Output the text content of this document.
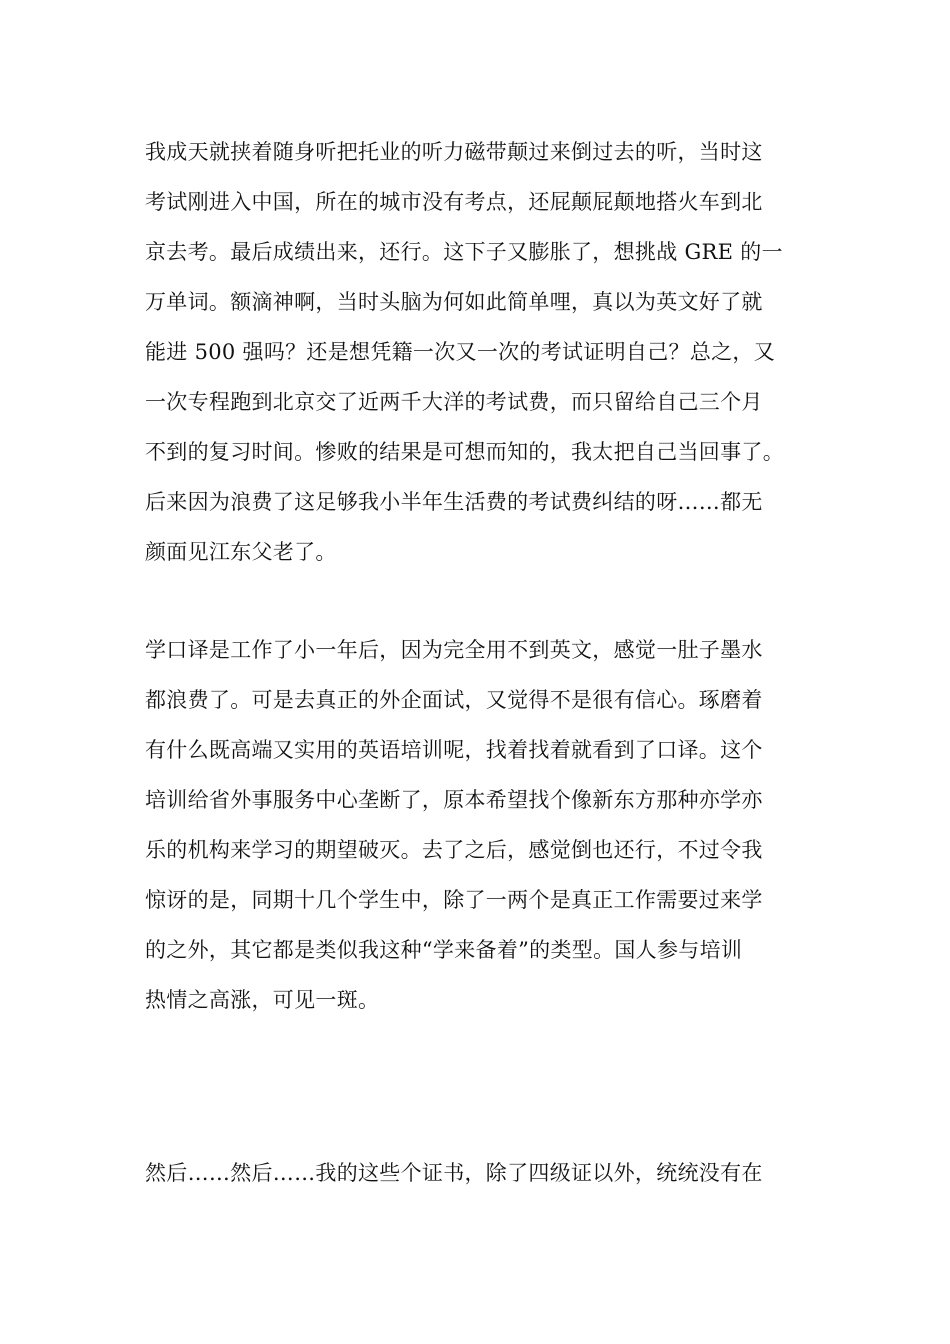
我成天就挟着随身听把托业的听力磁带颠过来倒过去的听，当时这
考试刚进入中国，所在的城市没有考点，还屁颠屁颠地搭火车到北
京去考。最后成绩出来，还行。这下子又膨胀了，想挑战 GRE 的一
万单词。额滴神啊，当时头脑为何如此简单哩，真以为英文好了就
能进 500 强吗？还是想凭籍一次又一次的考试证明自己？总之，又
一次专程跑到北京交了近两千大洋的考试费，而只留给自己三个月
不到的复习时间。惨败的结果是可想而知的，我太把自己当回事了。
后来因为浪费了这足够我小半年生活费的考试费纠结的呀……都无
颜面见江东父老了。
学口译是工作了小一年后，因为完全用不到英文，感觉一肚子墨水
都浪费了。可是去真正的外企面试，又觉得不是很有信心。琢磨着
有什么既高端又实用的英语培训呢，找着找着就看到了口译。这个
培训给省外事服务中心垄断了，原本希望找个像新东方那种亦学亦
乐的机构来学习的期望破灭。去了之后，感觉倒也还行，不过令我
惊讶的是，同期十几个学生中，除了一两个是真正工作需要过来学
的之外，其它都是类似我这种“学来备着”的类型。国人参与培训
热情之高涨，可见一斑。
然后……然后……我的这些个证书，除了四级证以外，统统没有在
